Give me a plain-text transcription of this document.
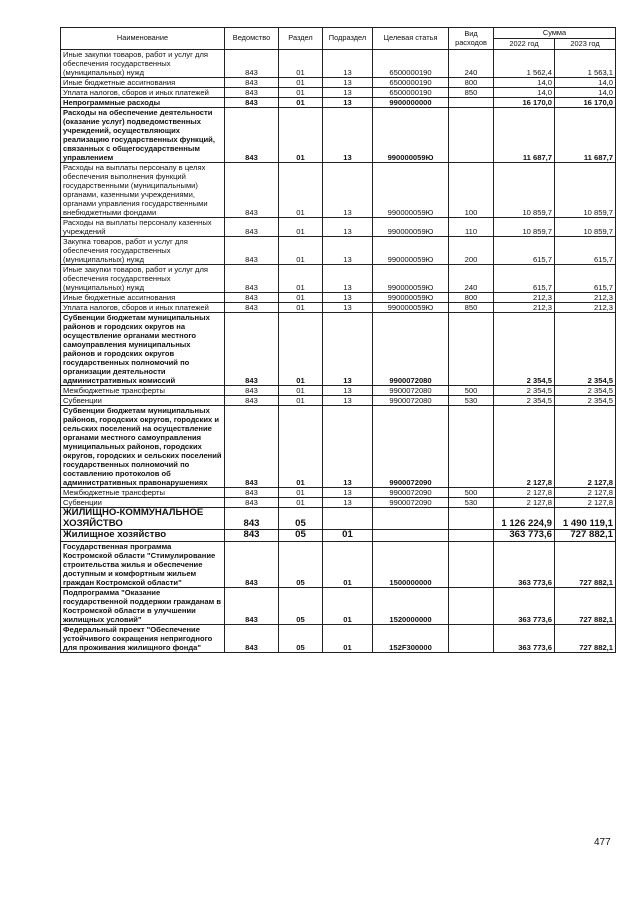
Наименование	Ведомство	Раздел	Подраздел	Целевая статья	Вид расходов	Сумма	
						2022 год	2023 год
Иные закупки товаров, работ и услуг для обеспечения государственных (муниципальных) нужд	843	01	13	6500000190	240	1 562,4	1 563,1
Иные бюджетные ассигнования	843	01	13	6500000190	800	14,0	14,0
Уплата налогов, сборов и иных платежей	843	01	13	6500000190	850	14,0	14,0
Непрограммные расходы	843	01	13	9900000000		16 170,0	16 170,0
Расходы на обеспечение деятельности (оказание услуг) подведомственных учреждений, осуществляющих реализацию государственных функций, связанных с общегосударственным управлением	843	01	13	990000059Ю		11 687,7	11 687,7
Расходы на выплаты персоналу в целях обеспечения выполнения функций государственными (муниципальными) органами, казенными учреждениями, органами управления государственными внебюджетными фондами	843	01	13	990000059Ю	100	10 859,7	10 859,7
Расходы на выплаты персоналу казенных учреждений	843	01	13	990000059Ю	110	10 859,7	10 859,7
Закупка товаров, работ и услуг для обеспечения государственных (муниципальных) нужд	843	01	13	990000059Ю	200	615,7	615,7
Иные закупки товаров, работ и услуг для обеспечения государственных (муниципальных) нужд	843	01	13	990000059Ю	240	615,7	615,7
Иные бюджетные ассигнования	843	01	13	990000059Ю	800	212,3	212,3
Уплата налогов, сборов и иных платежей	843	01	13	990000059Ю	850	212,3	212,3
Субвенции бюджетам муниципальных районов и городских округов на осуществление органами местного самоуправления муниципальных районов и городских округов государственных полномочий по организации деятельности административных комиссий	843	01	13	9900072080		2 354,5	2 354,5
Межбюджетные трансферты	843	01	13	9900072080	500	2 354,5	2 354,5
Субвенции	843	01	13	9900072080	530	2 354,5	2 354,5
Субвенции бюджетам муниципальных районов, городских округов, городских и сельских поселений на осуществление органами местного самоуправления муниципальных районов, городских округов, городских и сельских поселений государственных полномочий по составлению протоколов об административных правонарушениях	843	01	13	9900072090		2 127,8	2 127,8
Межбюджетные трансферты	843	01	13	9900072090	500	2 127,8	2 127,8
Субвенции	843	01	13	9900072090	530	2 127,8	2 127,8
ЖИЛИЩНО-КОММУНАЛЬНОЕ ХОЗЯЙСТВО	843	05				1 126 224,9	1 490 119,1
Жилищное хозяйство	843	05	01			363 773,6	727 882,1
Государственная программа Костромской области "Стимулирование строительства жилья и обеспечение доступным и комфортным жильем граждан Костромской области"	843	05	01	1500000000		363 773,6	727 882,1
Подпрограмма "Оказание государственной поддержки гражданам в Костромской области в улучшении жилищных условий"	843	05	01	1520000000		363 773,6	727 882,1
Федеральный проект "Обеспечение устойчивого сокращения непригодного для проживания жилищного фонда"	843	05	01	152F300000		363 773,6	727 882,1
477
